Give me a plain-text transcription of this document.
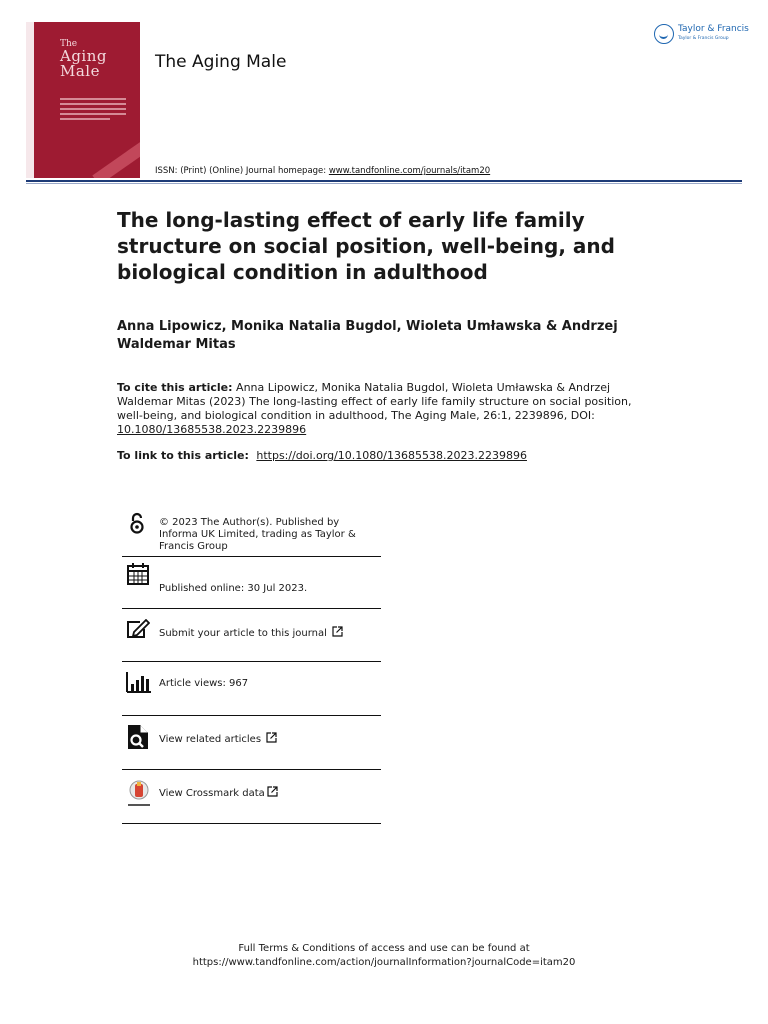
The
Aging
Male	The Aging Male
ISSN: (Print) (Online) Journal homepage: www.tandfonline.com/journals/itam20
Taylor & Francis
Taylor & Francis Group
The long-lasting effect of early life family structure on social position, well-being, and biological condition in adulthood
Anna Lipowicz, Monika Natalia Bugdol, Wioleta Umławska & Andrzej Waldemar Mitas
To cite this article: Anna Lipowicz, Monika Natalia Bugdol, Wioleta Umławska & Andrzej Waldemar Mitas (2023) The long-lasting effect of early life family structure on social position, well-being, and biological condition in adulthood, The Aging Male, 26:1, 2239896, DOI: 10.1080/13685538.2023.2239896
To link to this article: https://doi.org/10.1080/13685538.2023.2239896
© 2023 The Author(s). Published by Informa UK Limited, trading as Taylor & Francis Group
Published online: 30 Jul 2023.
Submit your article to this journal
Article views: 967
View related articles
View Crossmark data
Full Terms & Conditions of access and use can be found at
https://www.tandfonline.com/action/journalInformation?journalCode=itam20
